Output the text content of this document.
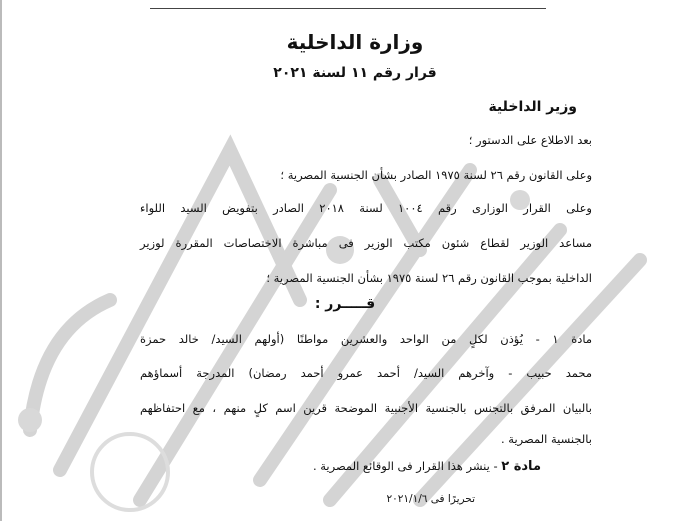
وزارة الداخلية
قرار رقم ١١ لسنة ٢٠٢١
وزير الداخلية
بعد الاطلاع على الدستور ؛
وعلى القانون رقم ٢٦ لسنة ١٩٧٥ الصادر بشأن الجنسية المصرية ؛
وعلى القرار الوزارى رقم ١٠٠٤ لسنة ٢٠١٨ الصادر بتفويض السيد اللواء
مساعد الوزير لقطاع شئون مكتب الوزير فى مباشرة الاختصاصات المقررة لوزير
الداخلية بموجب القانون رقم ٢٦ لسنة ١٩٧٥ بشأن الجنسية المصرية ؛
قـــــرر :
مادة ١ - يُؤذن لكلٍ من الواحد والعشرين مواطنًا (أولهم السيد/ خالد حمزة
محمد حبيب - وآخرهم السيد/ أحمد عمرو أحمد رمضان) المدرجة أسماؤهم
بالبيان المرفق بالتجنس بالجنسية الأجنبية الموضحة قرين اسم كلٍ منهم ، مع احتفاظهم
بالجنسية المصرية .
مادة ٢ - ينشر هذا القرار فى الوقائع المصرية .
تحريرًا فى ٢٠٢١/١/٦
